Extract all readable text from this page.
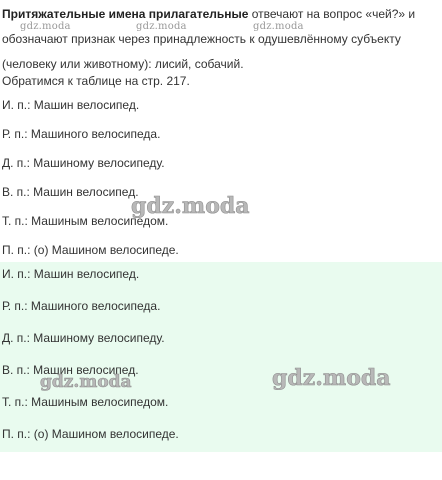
Притяжательные имена прилагательные отвечают на вопрос «чей?» и обозначают признак через принадлежность к одушевлённому субъекту (человеку или животному): лисий, собачий.

Обратимся к таблице на стр. 217.

И. п.: Машин велосипед.
Р. п.: Машиного велосипеда.
Д. п.: Машиному велосипеду.
В. п.: Машин велосипед.
Т. п.: Машиным велосипедом.
П. п.: (о) Машином велосипеде.
И. п.: Машин велосипед.
Р. п.: Машиного велосипеда.
Д. п.: Машиному велосипеду.
В. п.: Машин велосипед.
Т. п.: Машиным велосипедом.
П. п.: (о) Машином велосипеде.
gdz.moda	gdz.moda	gdz.moda
gdz.moda
gdz.moda
gdz.moda
